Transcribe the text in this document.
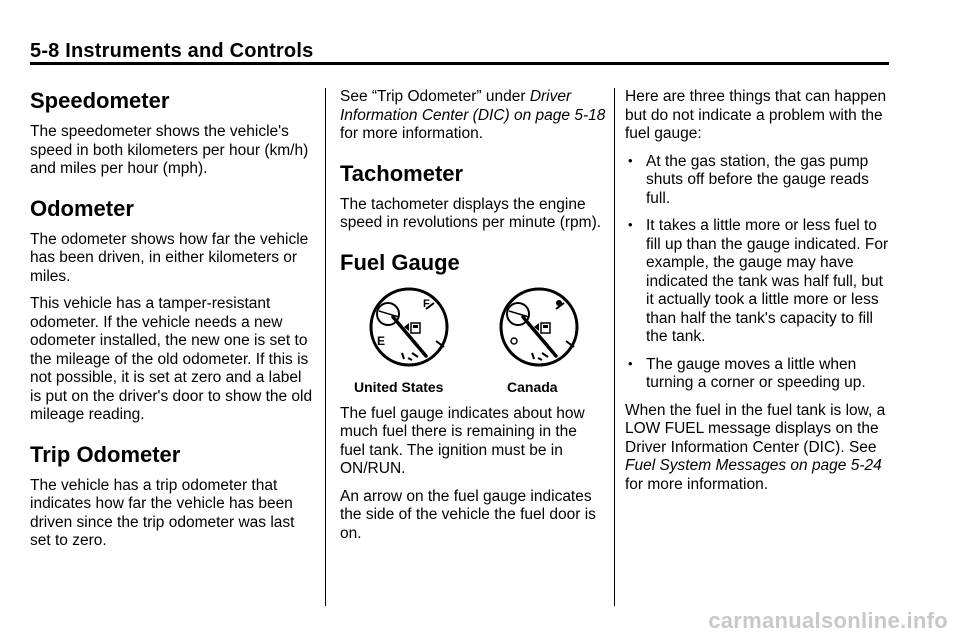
5-8 Instruments and Controls
Speedometer

The speedometer shows the vehicle's speed in both kilometers per hour (km/h) and miles per hour (mph).

Odometer

The odometer shows how far the vehicle has been driven, in either kilometers or miles.

This vehicle has a tamper-resistant odometer. If the vehicle needs a new odometer installed, the new one is set to the mileage of the old odometer. If this is not possible, it is set at zero and a label is put on the driver's door to show the old mileage reading.

Trip Odometer

The vehicle has a trip odometer that indicates how far the vehicle has been driven since the trip odometer was last set to zero.

See “Trip Odometer” under Driver Information Center (DIC) on page 5-18 for more information.

Tachometer

The tachometer displays the engine speed in revolutions per minute (rpm).

Fuel Gauge
F
E
United States	Canada

The fuel gauge indicates about how much fuel there is remaining in the fuel tank. The ignition must be in ON/RUN.

An arrow on the fuel gauge indicates the side of the vehicle the fuel door is on.

Here are three things that can happen but do not indicate a problem with the fuel gauge:

• At the gas station, the gas pump shuts off before the gauge reads full.
• It takes a little more or less fuel to fill up than the gauge indicated. For example, the gauge may have indicated the tank was half full, but it actually took a little more or less than half the tank's capacity to fill the tank.
• The gauge moves a little when turning a corner or speeding up.

When the fuel in the fuel tank is low, a LOW FUEL message displays on the Driver Information Center (DIC). See Fuel System Messages on page 5-24 for more information.

carmanualsonline.info
